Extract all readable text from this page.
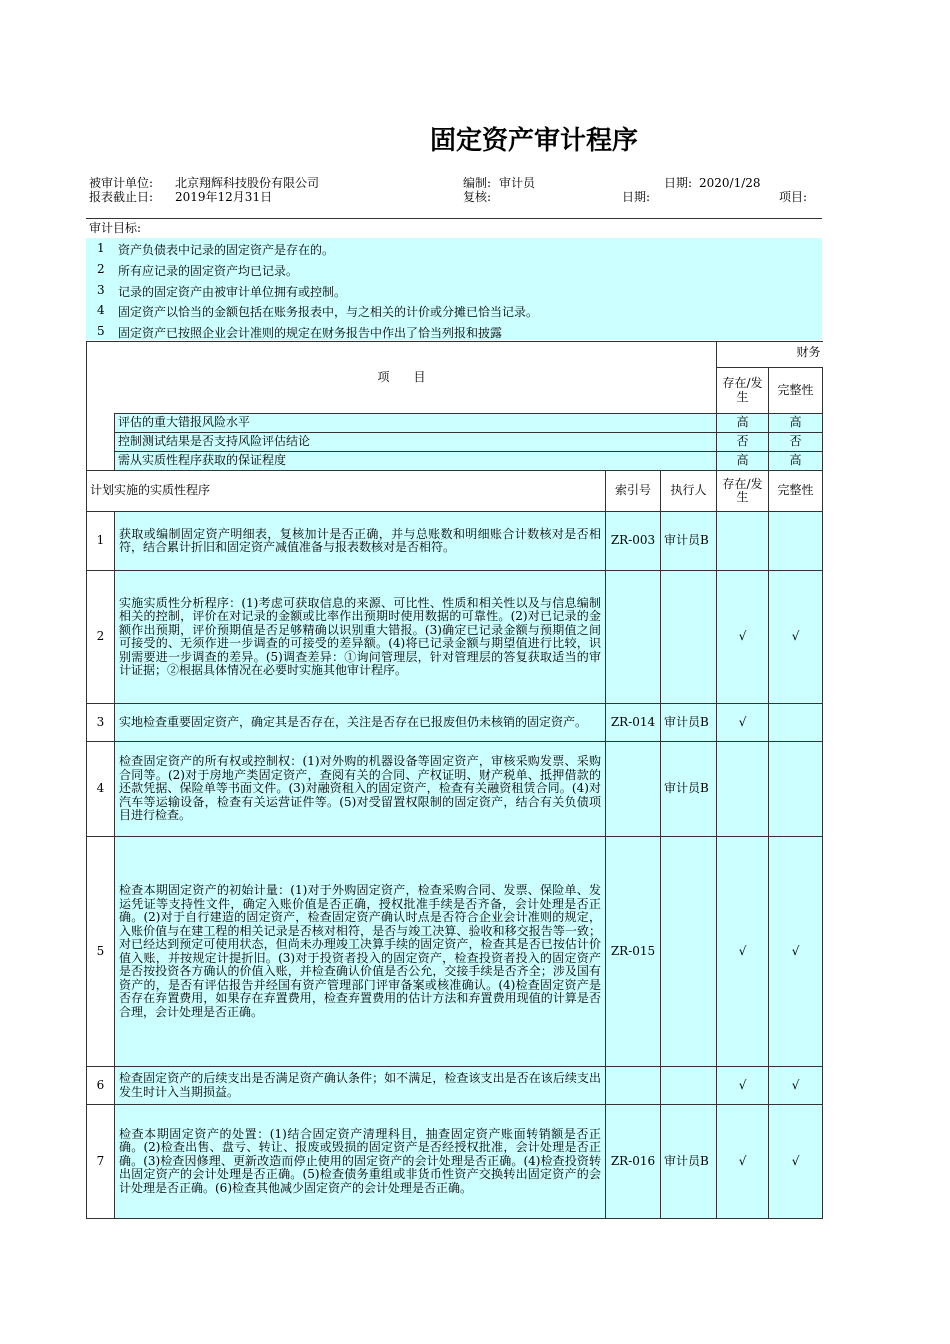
固定资产审计程序
被审计单位: 北京翔辉科技股份有限公司	编制: 审计员	日期: 2020/1/28
报表截止日: 2019年12月31日	复核:	日期:	项目:
审计目标:
1 资产负债表中记录的固定资产是存在的。
2 所有应记录的固定资产均已记录。
3 记录的固定资产由被审计单位拥有或控制。
4 固定资产以恰当的金额包括在账务报表中，与之相关的计价或分摊已恰当记录。
5 固定资产已按照企业会计准则的规定在财务报告中作出了恰当列报和披露
项　　目				财务	
				存在/发生	完整性
	评估的重大错报风险水平			高	高
	控制测试结果是否支持风险评估结论			否	否
	需从实质性程序获取的保证程度			高	高
计划实施的实质性程序		索引号	执行人	存在/发生	完整性
1	获取或编制固定资产明细表，复核加计是否正确，并与总账数和明细账合计数核对是否相符，结合累计折旧和固定资产减值准备与报表数核对是否相符。	ZR-003	审计员B		
2	实施实质性分析程序：(1)考虑可获取信息的来源、可比性、性质和相关性以及与信息编制相关的控制，评价在对记录的金额或比率作出预期时使用数据的可靠性。(2)对已记录的金额作出预期，评价预期值是否足够精确以识别重大错报。(3)确定已记录金额与预期值之间可接受的、无须作进一步调查的可接受的差异额。(4)将已记录金额与期望值进行比较，识别需要进一步调查的差异。(5)调查差异：①询问管理层，针对管理层的答复获取适当的审计证据；②根据具体情况在必要时实施其他审计程序。			√	√
3	实地检查重要固定资产，确定其是否存在，关注是否存在已报废但仍未核销的固定资产。	ZR-014	审计员B	√	
4	检查固定资产的所有权或控制权：(1)对外购的机器设备等固定资产，审核采购发票、采购合同等。(2)对于房地产类固定资产，查阅有关的合同、产权证明、财产税单、抵押借款的还款凭据、保险单等书面文件。(3)对融资租入的固定资产，检查有关融资租赁合同。(4)对汽车等运输设备，检查有关运营证件等。(5)对受留置权限制的固定资产，结合有关负债项目进行检查。		审计员B		
5	检查本期固定资产的初始计量：(1)对于外购固定资产，检查采购合同、发票、保险单、发运凭证等支持性文件，确定入账价值是否正确，授权批准手续是否齐备，会计处理是否正确。(2)对于自行建造的固定资产，检查固定资产确认时点是否符合企业会计准则的规定，入账价值与在建工程的相关记录是否核对相符，是否与竣工决算、验收和移交报告等一致；对已经达到预定可使用状态，但尚未办理竣工决算手续的固定资产，检查其是否已按估计价值入账，并按规定计提折旧。(3)对于投资者投入的固定资产，检查投资者投入的固定资产是否按投资各方确认的价值入账，并检查确认价值是否公允，交接手续是否齐全；涉及国有资产的，是否有评估报告并经国有资产管理部门评审备案或核准确认。(4)检查固定资产是否存在弃置费用，如果存在弃置费用，检查弃置费用的估计方法和弃置费用现值的计算是否合理，会计处理是否正确。	ZR-015		√	√
6	检查固定资产的后续支出是否满足资产确认条件；如不满足，检查该支出是否在该后续支出发生时计入当期损益。			√	√
7	检查本期固定资产的处置：(1)结合固定资产清理科目，抽查固定资产账面转销额是否正确。(2)检查出售、盘亏、转让、报废或毁损的固定资产是否经授权批准，会计处理是否正确。(3)检查因修理、更新改造而停止使用的固定资产的会计处理是否正确。(4)检查投资转出固定资产的会计处理是否正确。(5)检查债务重组或非货币性资产交换转出固定资产的会计处理是否正确。(6)检查其他减少固定资产的会计处理是否正确。	ZR-016	审计员B	√	√
